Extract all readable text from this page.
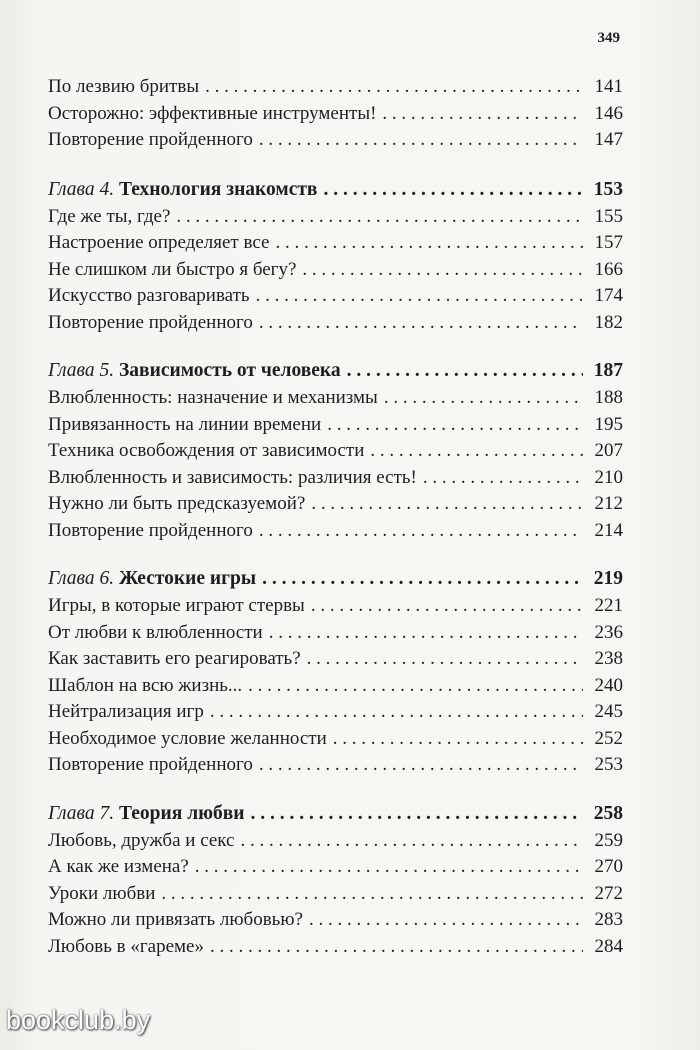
349
По лезвию бритвы . . .	141
Осторожно: эффективные инструменты! . . .	146
Повторение пройденного . . .	147
Глава 4. Технология знакомств . . .	153
Где же ты, где? . . .	155
Настроение определяет все . . .	157
Не слишком ли быстро я бегу? . . .	166
Искусство разговаривать . . .	174
Повторение пройденного . . .	182
Глава 5. Зависимость от человека . . .	187
Влюбленность: назначение и механизмы . . .	188
Привязанность на линии времени . . .	195
Техника освобождения от зависимости . . .	207
Влюбленность и зависимость: различия есть! . . .	210
Нужно ли быть предсказуемой? . . .	212
Повторение пройденного . . .	214
Глава 6. Жестокие игры . . .	219
Игры, в которые играют стервы . . .	221
От любви к влюбленности . . .	236
Как заставить его реагировать? . . .	238
Шаблон на всю жизнь... . . .	240
Нейтрализация игр . . .	245
Необходимое условие желанности . . .	252
Повторение пройденного . . .	253
Глава 7. Теория любви . . .	258
Любовь, дружба и секс . . .	259
А как же измена? . . .	270
Уроки любви . . .	272
Можно ли привязать любовью? . . .	283
Любовь в «гареме» . . .	284
bookclub.by
